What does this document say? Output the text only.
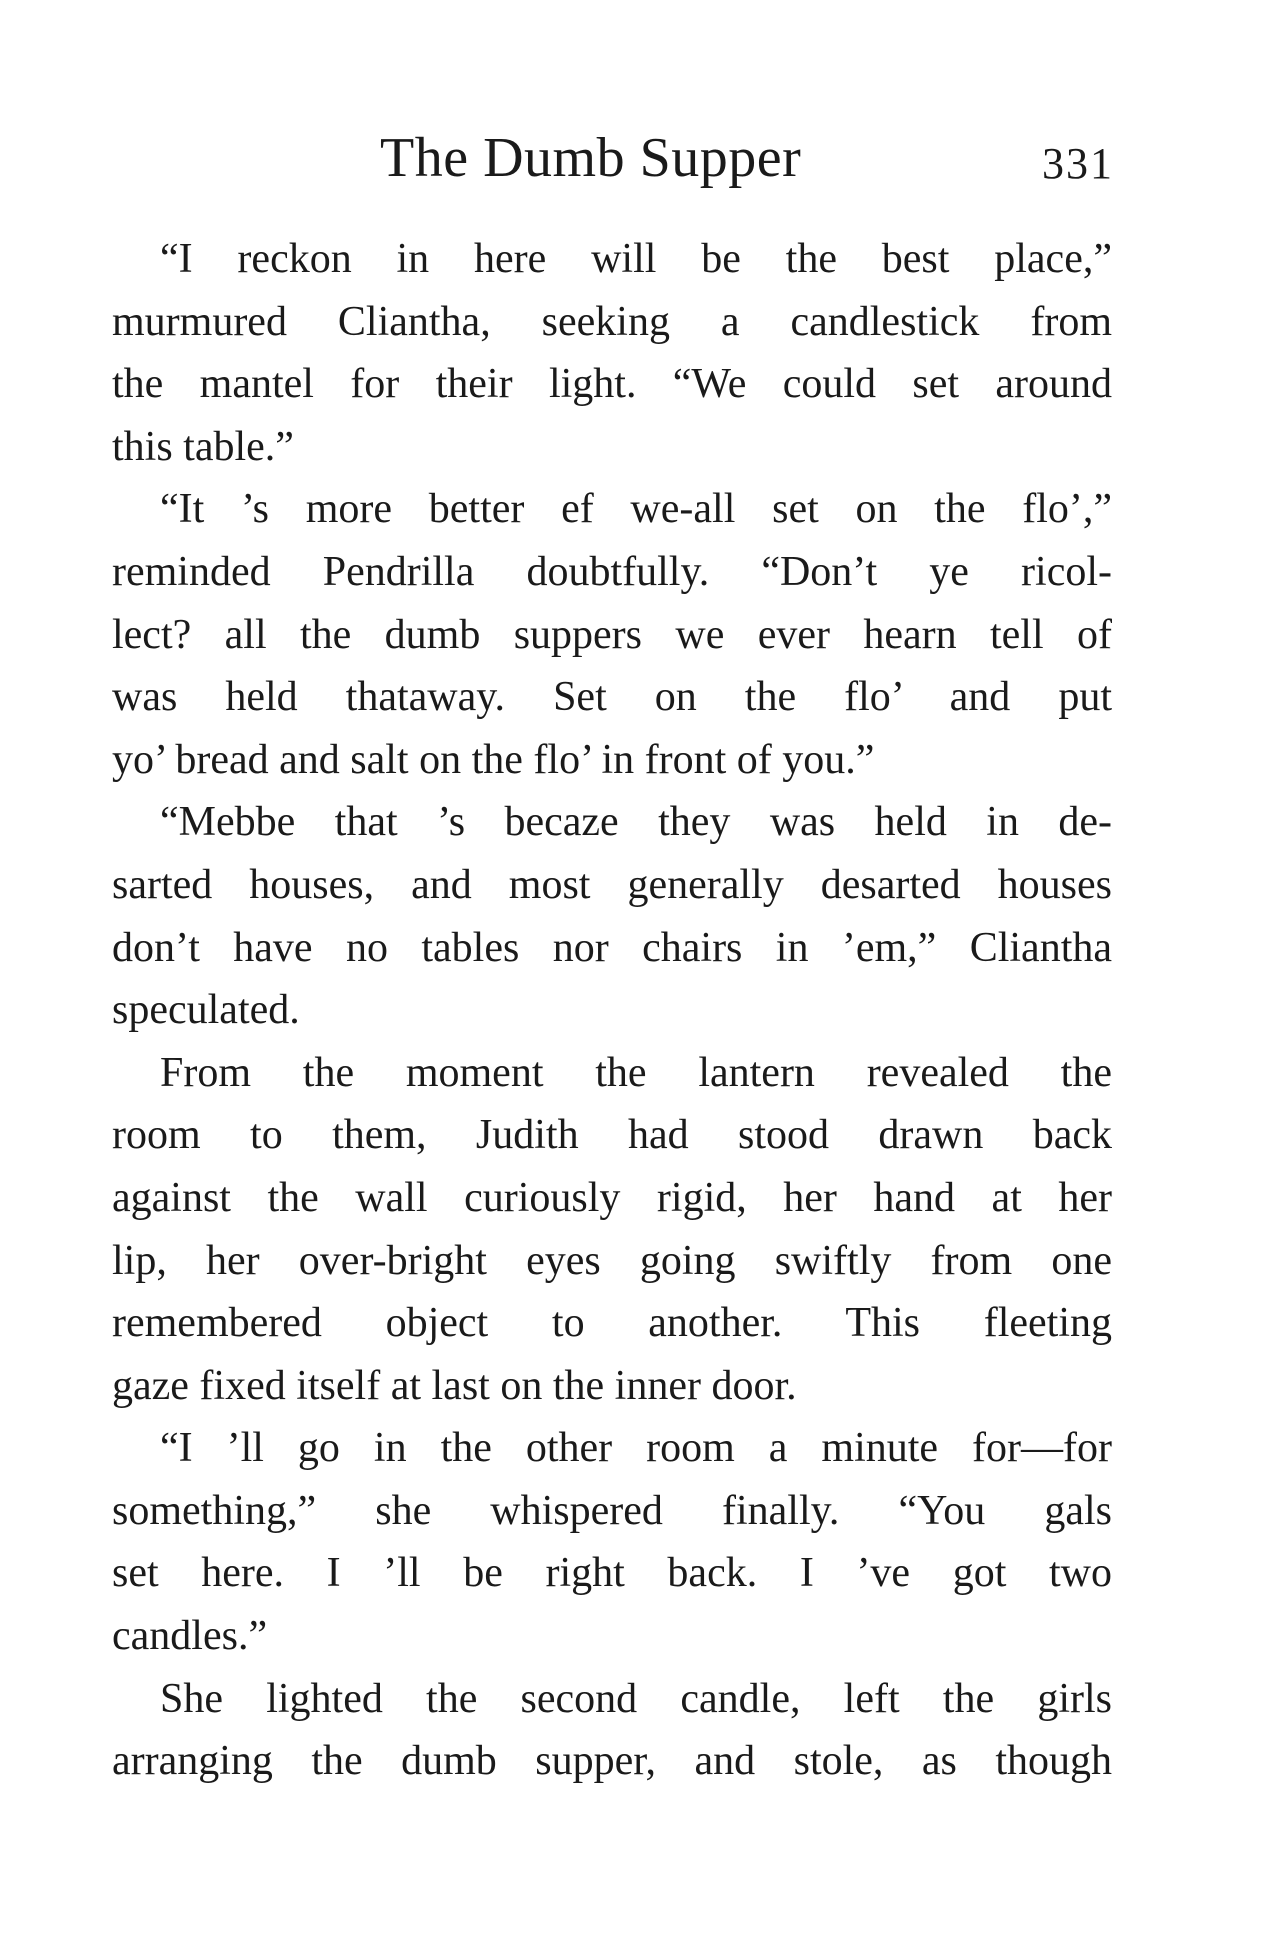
The Dumb Supper	331

“I reckon in here will be the best place,”
murmured Cliantha, seeking a candlestick from
the mantel for their light. “We could set around
this table.”

“It ’s more better ef we-all set on the flo’,”
reminded Pendrilla doubtfully. “Don’t ye ricol-
lect? all the dumb suppers we ever hearn tell of
was held thataway. Set on the flo’ and put
yo’ bread and salt on the flo’ in front of you.”

“Mebbe that ’s becaze they was held in de-
sarted houses, and most generally desarted houses
don’t have no tables nor chairs in ’em,” Cliantha
speculated.

From the moment the lantern revealed the
room to them, Judith had stood drawn back
against the wall curiously rigid, her hand at her
lip, her over-bright eyes going swiftly from one
remembered object to another. This fleeting
gaze fixed itself at last on the inner door.

“I ’ll go in the other room a minute for—for
something,” she whispered finally. “You gals
set here. I ’ll be right back. I ’ve got two
candles.”

She lighted the second candle, left the girls
arranging the dumb supper, and stole, as though
